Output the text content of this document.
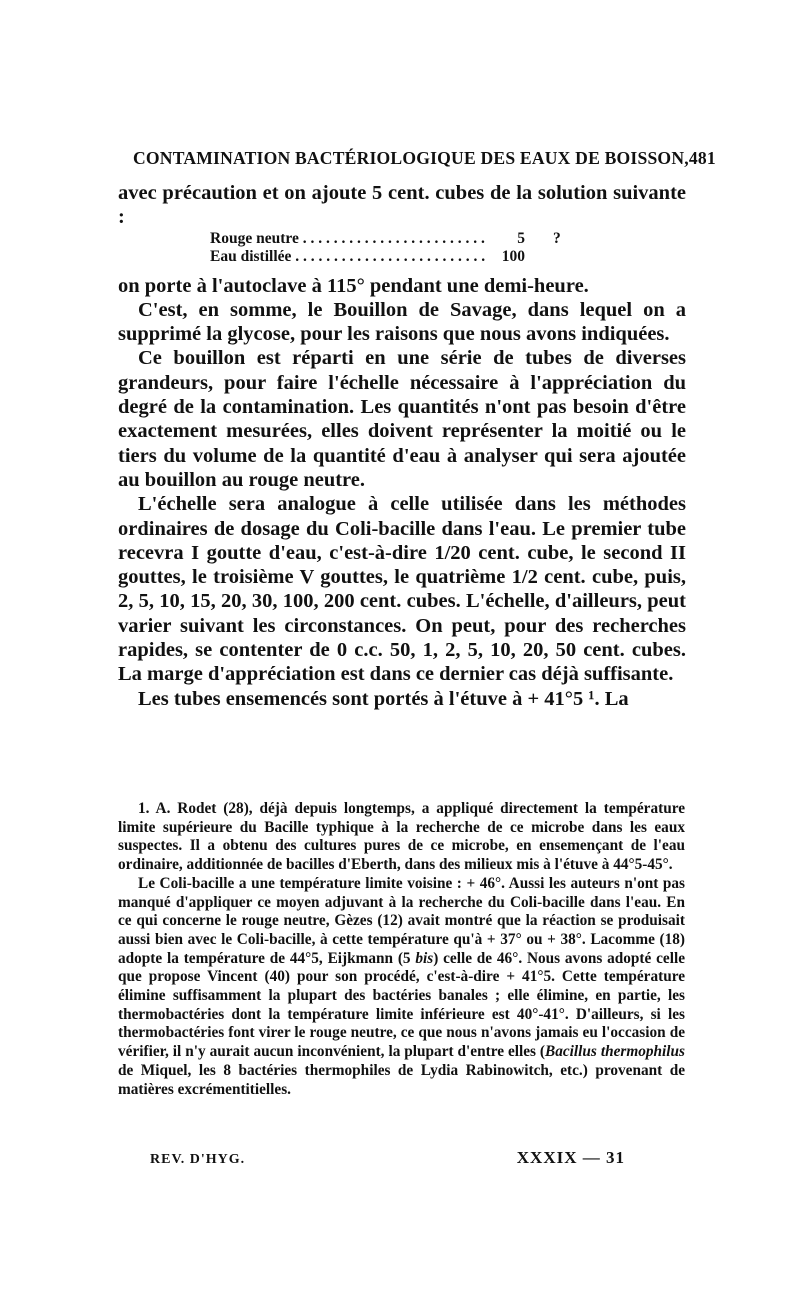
CONTAMINATION BACTÉRIOLOGIQUE DES EAUX DE BOISSON, 481

avec précaution et on ajoute 5 cent. cubes de la solution suivante :

Rouge neutre . . .	5	?
Eau distillée . . .	100

on porte à l'autoclave à 115° pendant une demi-heure.

C'est, en somme, le Bouillon de Savage, dans lequel on a supprimé la glycose, pour les raisons que nous avons indiquées.

Ce bouillon est réparti en une série de tubes de diverses grandeurs, pour faire l'échelle nécessaire à l'appréciation du degré de la contamination. Les quantités n'ont pas besoin d'être exactement mesurées, elles doivent représenter la moitié ou le tiers du volume de la quantité d'eau à analyser qui sera ajoutée au bouillon au rouge neutre.

L'échelle sera analogue à celle utilisée dans les méthodes ordinaires de dosage du Coli-bacille dans l'eau. Le premier tube recevra I goutte d'eau, c'est-à-dire 1/20 cent. cube, le second II gouttes, le troisième V gouttes, le quatrième 1/2 cent. cube, puis, 2, 5, 10, 15, 20, 30, 100, 200 cent. cubes. L'échelle, d'ailleurs, peut varier suivant les circonstances. On peut, pour des recherches rapides, se contenter de 0 c.c. 50, 1, 2, 5, 10, 20, 50 cent. cubes. La marge d'appréciation est dans ce dernier cas déjà suffisante.

Les tubes ensemencés sont portés à l'étuve à + 41°5 ¹. La

1. A. Rodet (28), déjà depuis longtemps, a appliqué directement la température limite supérieure du Bacille typhique à la recherche de ce microbe dans les eaux suspectes. Il a obtenu des cultures pures de ce microbe, en ensemençant de l'eau ordinaire, additionnée de bacilles d'Eberth, dans des milieux mis à l'étuve à 44°5-45°.

Le Coli-bacille a une température limite voisine : + 46°. Aussi les auteurs n'ont pas manqué d'appliquer ce moyen adjuvant à la recherche du Coli-bacille dans l'eau. En ce qui concerne le rouge neutre, Gèzes (12) avait montré que la réaction se produisait aussi bien avec le Coli-bacille, à cette température qu'à + 37° ou + 38°. Lacomme (18) adopte la température de 44°5, Eijkmann (5 bis) celle de 46°. Nous avons adopté celle que propose Vincent (40) pour son procédé, c'est-à-dire + 41°5. Cette température élimine suffisamment la plupart des bactéries banales ; elle élimine, en partie, les thermobactéries dont la température limite inférieure est 40°-41°. D'ailleurs, si les thermobactéries font virer le rouge neutre, ce que nous n'avons jamais eu l'occasion de vérifier, il n'y aurait aucun inconvénient, la plupart d'entre elles (Bacillus thermophilus de Miquel, les 8 bactéries thermophiles de Lydia Rabinowitch, etc.) provenant de matières excrémentitielles.

REV. D'HYG.	XXXIX — 31
